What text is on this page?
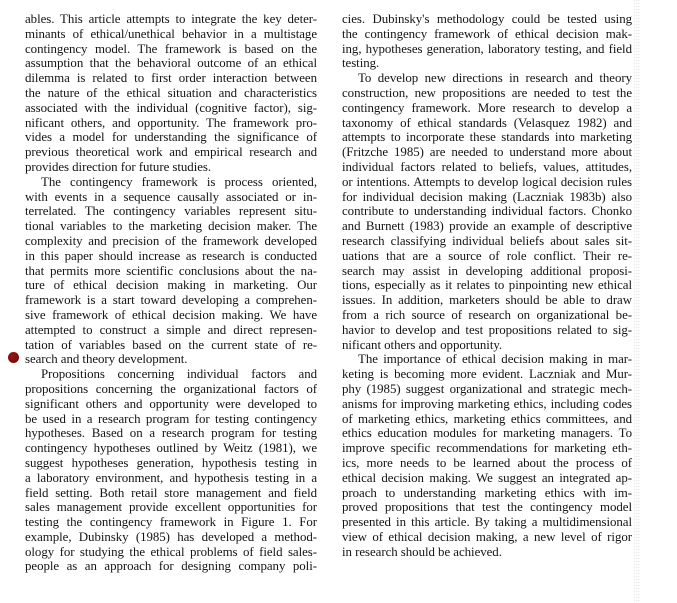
ables. This article attempts to integrate the key deter-
minants of ethical/unethical behavior in a multistage
contingency model. The framework is based on the
assumption that the behavioral outcome of an ethical
dilemma is related to first order interaction between
the nature of the ethical situation and characteristics
associated with the individual (cognitive factor), sig-
nificant others, and opportunity. The framework pro-
vides a model for understanding the significance of
previous theoretical work and empirical research and
provides direction for future studies.
The contingency framework is process oriented,
with events in a sequence causally associated or in-
terrelated. The contingency variables represent situ-
tional variables to the marketing decision maker. The
complexity and precision of the framework developed
in this paper should increase as research is conducted
that permits more scientific conclusions about the na-
ture of ethical decision making in marketing. Our
framework is a start toward developing a comprehen-
sive framework of ethical decision making. We have
attempted to construct a simple and direct represen-
tation of variables based on the current state of re-
search and theory development.
Propositions concerning individual factors and
propositions concerning the organizational factors of
significant others and opportunity were developed to
be used in a research program for testing contingency
hypotheses. Based on a research program for testing
contingency hypotheses outlined by Weitz (1981), we
suggest hypotheses generation, hypothesis testing in
a laboratory environment, and hypothesis testing in a
field setting. Both retail store management and field
sales management provide excellent opportunities for
testing the contingency framework in Figure 1. For
example, Dubinsky (1985) has developed a method-
ology for studying the ethical problems of field sales-
people as an approach for designing company poli-
cies. Dubinsky's methodology could be tested using
the contingency framework of ethical decision mak-
ing, hypotheses generation, laboratory testing, and field
testing.
To develop new directions in research and theory
construction, new propositions are needed to test the
contingency framework. More research to develop a
taxonomy of ethical standards (Velasquez 1982) and
attempts to incorporate these standards into marketing
(Fritzche 1985) are needed to understand more about
individual factors related to beliefs, values, attitudes,
or intentions. Attempts to develop logical decision rules
for individual decision making (Laczniak 1983b) also
contribute to understanding individual factors. Chonko
and Burnett (1983) provide an example of descriptive
research classifying individual beliefs about sales sit-
uations that are a source of role conflict. Their re-
search may assist in developing additional proposi-
tions, especially as it relates to pinpointing new ethical
issues. In addition, marketers should be able to draw
from a rich source of research on organizational be-
havior to develop and test propositions related to sig-
nificant others and opportunity.
The importance of ethical decision making in mar-
keting is becoming more evident. Laczniak and Mur-
phy (1985) suggest organizational and strategic mech-
anisms for improving marketing ethics, including codes
of marketing ethics, marketing ethics committees, and
ethics education modules for marketing managers. To
improve specific recommendations for marketing eth-
ics, more needs to be learned about the process of
ethical decision making. We suggest an integrated ap-
proach to understanding marketing ethics with im-
proved propositions that test the contingency model
presented in this article. By taking a multidimensional
view of ethical decision making, a new level of rigor
in research should be achieved.
